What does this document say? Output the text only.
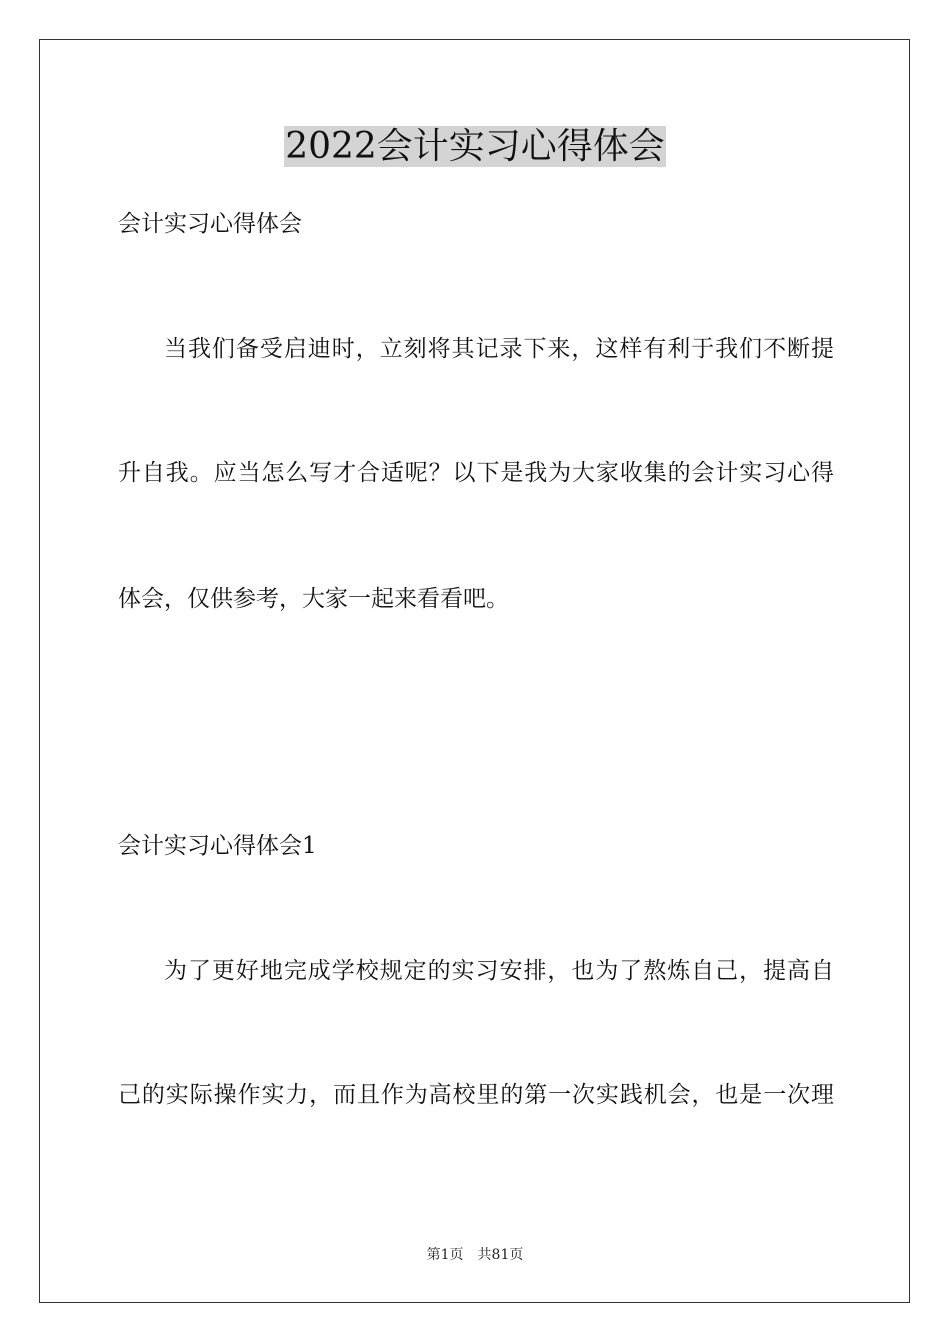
2022会计实习心得体会

会计实习心得体会

当我们备受启迪时，立刻将其记录下来，这样有利于我们不断提

升自我。应当怎么写才合适呢？以下是我为大家收集的会计实习心得

体会，仅供参考，大家一起来看看吧。

会计实习心得体会1

为了更好地完成学校规定的实习安排，也为了熬炼自己，提高自

己的实际操作实力，而且作为高校里的第一次实践机会，也是一次理

第1页 共81页
